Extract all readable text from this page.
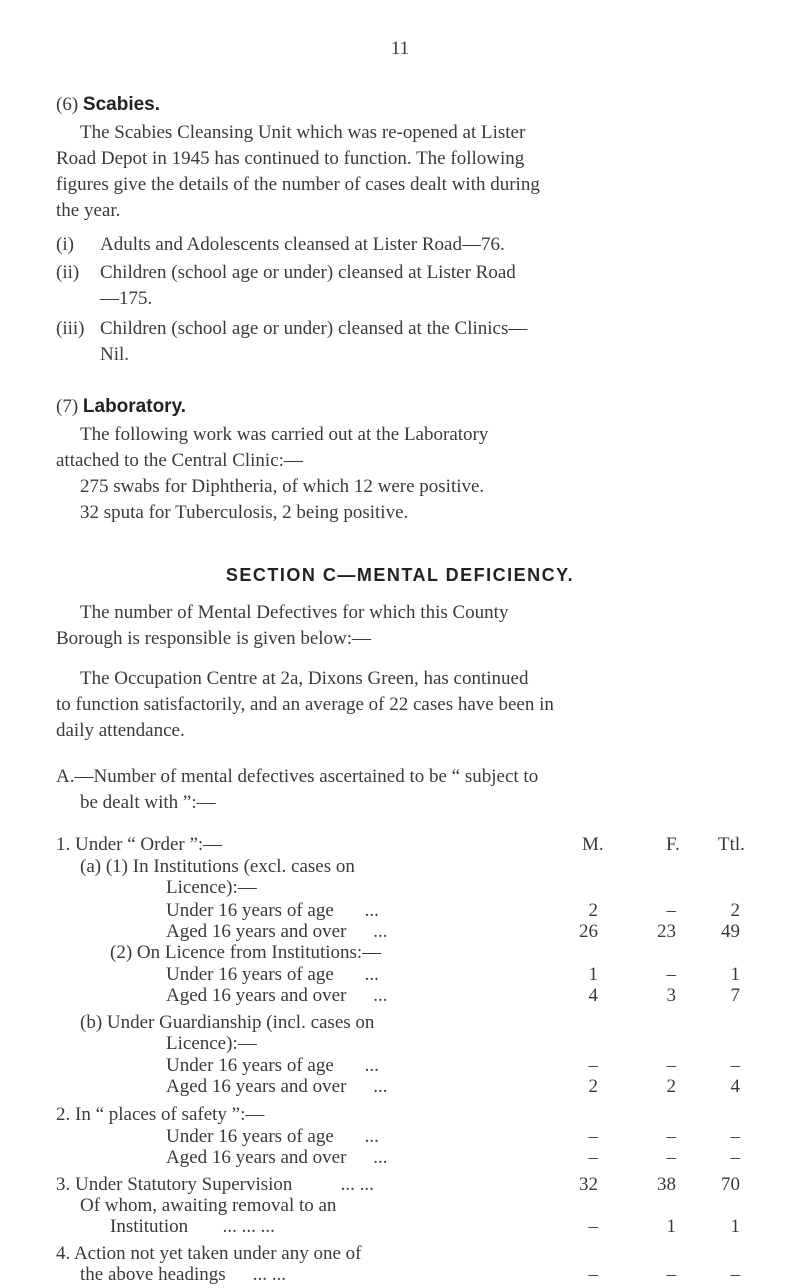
11
(6) Scabies.
The Scabies Cleansing Unit which was re-opened at Lister
Road Depot in 1945 has continued to function. The following
figures give the details of the number of cases dealt with during
the year.
(i) Adults and Adolescents cleansed at Lister Road—76.
(ii) Children (school age or under) cleansed at Lister Road
—175.
(iii) Children (school age or under) cleansed at the Clinics—
Nil.
(7) Laboratory.
The following work was carried out at the Laboratory
attached to the Central Clinic:—
275 swabs for Diphtheria, of which 12 were positive.
32 sputa for Tuberculosis, 2 being positive.
SECTION C—MENTAL DEFICIENCY.
The number of Mental Defectives for which this County
Borough is responsible is given below:—
The Occupation Centre at 2a, Dixons Green, has continued
to function satisfactorily, and an average of 22 cases have been in
daily attendance.
A.—Number of mental defectives ascertained to be “ subject to
be dealt with ”:—
M.	F. Ttl.
1. Under “ Order ”:—
(a) (1) In Institutions (excl. cases on
Licence):—
Under 16 years of age ...	2	–	2
Aged 16 years and over ...	26	23	49
(2) On Licence from Institutions:—
Under 16 years of age ...	1	–	1
Aged 16 years and over ...	4	3	7
(b) Under Guardianship (incl. cases on
Licence):—
Under 16 years of age ...	–	–	–
Aged 16 years and over ...	2	2	4
2. In “ places of safety ”:—
Under 16 years of age ...	–	–	–
Aged 16 years and over ...	–	–	–
3. Under Statutory Supervision	... ...	32	38	70
Of whom, awaiting removal to an
Institution ... ... ...	–	1	1
4. Action not yet taken under any one of
the above headings ... ...	–	–	–
